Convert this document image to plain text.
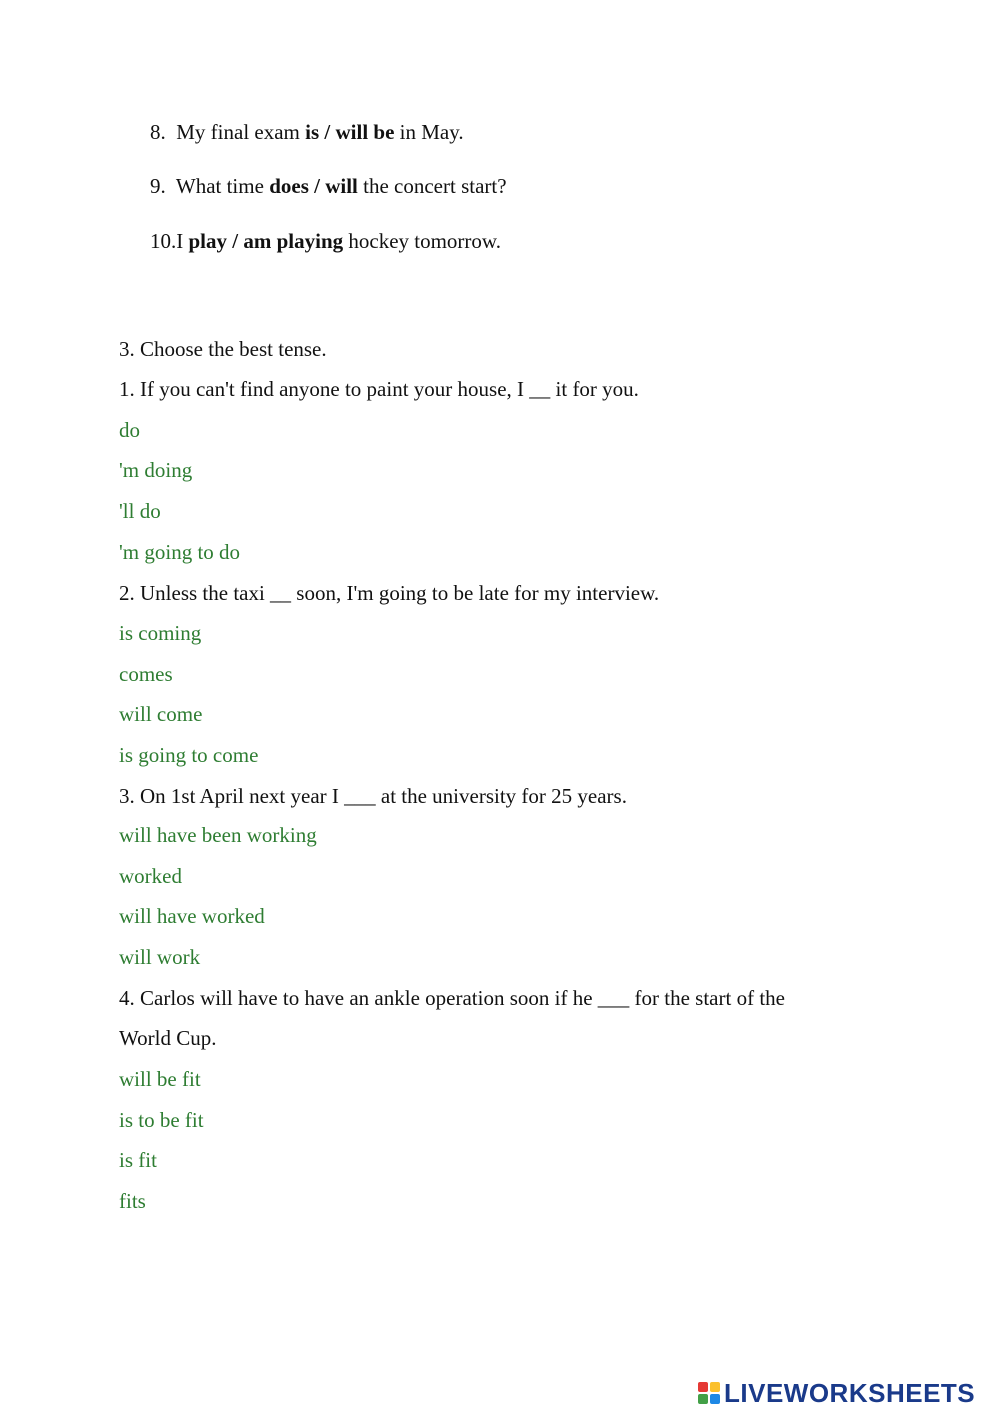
8. My final exam is / will be in May.
9. What time does / will the concert start?
10.I play / am playing hockey tomorrow.
3. Choose the best tense.
1. If you can't find anyone to paint your house, I __ it for you.
do
'm doing
'll do
'm going to do
2. Unless the taxi __ soon, I'm going to be late for my interview.
is coming
comes
will come
is going to come
3. On 1st April next year I ___ at the university for 25 years.
will have been working
worked
will have worked
will work
4. Carlos will have to have an ankle operation soon if he ___ for the start of the
World Cup.
will be fit
is to be fit
is fit
fits
LIVEWORKSHEETS
